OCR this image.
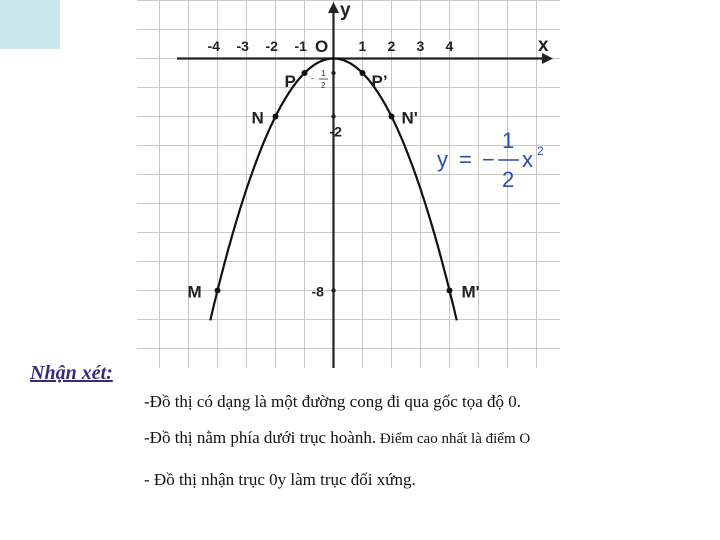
x
y
O
-4 -3 -2 -1	1 2 3 4
-2
-8
- 1
2
P	P’
N	N'
M	M'
y = −
1
2
x 2
Nhận xét:
-Đồ thị có dạng là một đường cong đi qua gốc tọa độ 0.
-Đồ thị nằm phía dưới trục hoành. Điểm cao nhất là điểm O
- Đồ thị nhận trục 0y làm trục đối xứng.
